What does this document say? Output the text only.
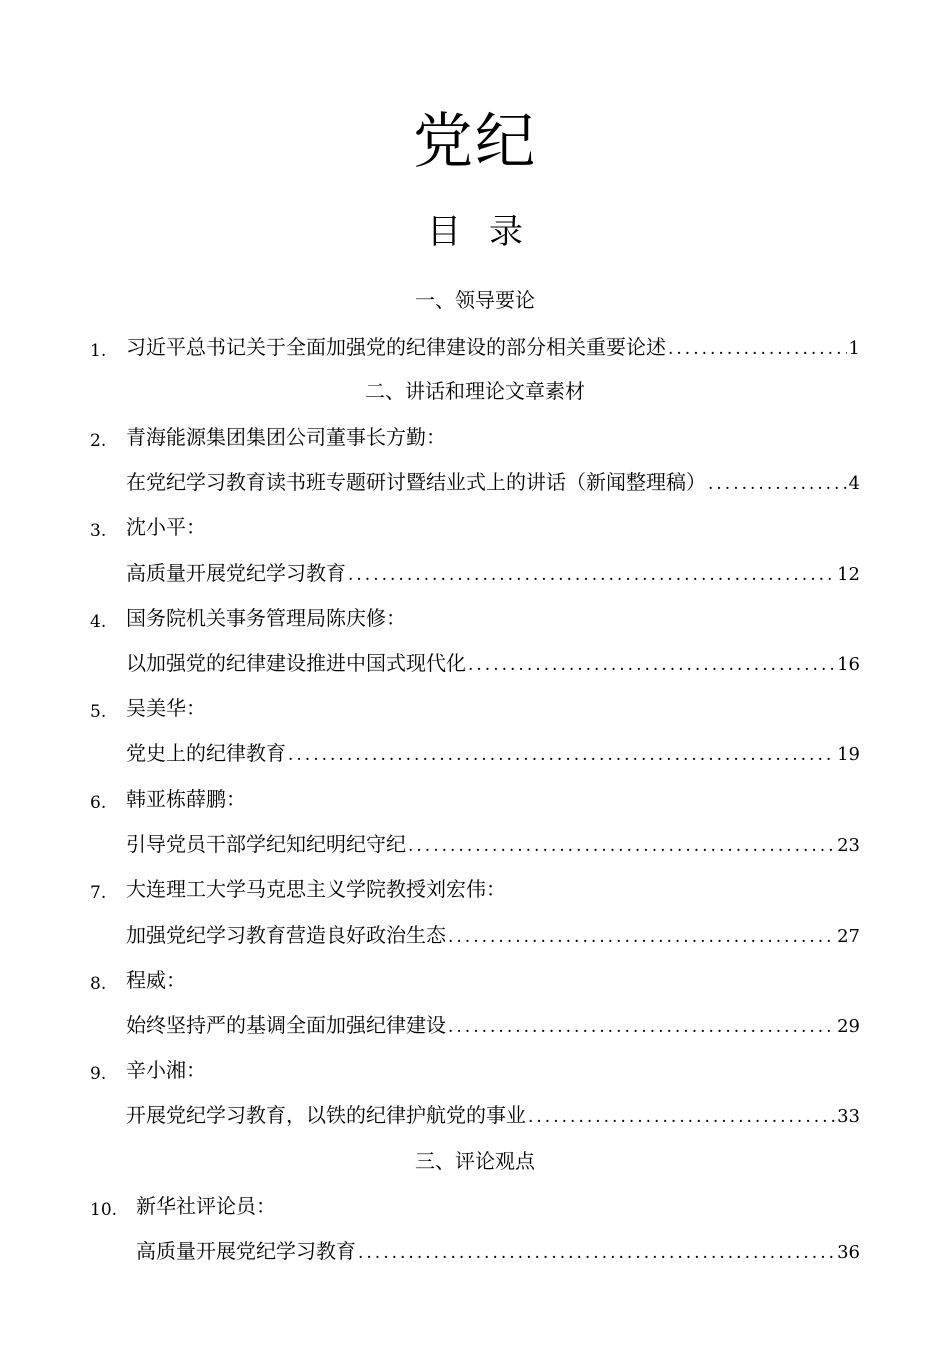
党纪
目 录
一、领导要论
1. 习近平总书记关于全面加强党的纪律建设的部分相关重要论述 .....	1
二、讲话和理论文章素材
2. 青海能源集团集团公司董事长方勤：
在党纪学习教育读书班专题研讨暨结业式上的讲话（新闻整理稿） .....	4
3. 沈小平：
高质量开展党纪学习教育 .....	12
4. 国务院机关事务管理局陈庆修：
以加强党的纪律建设推进中国式现代化 .....	16
5. 吴美华：
党史上的纪律教育 .....	19
6. 韩亚栋薛鹏：
引导党员干部学纪知纪明纪守纪 .....	23
7. 大连理工大学马克思主义学院教授刘宏伟：
加强党纪学习教育营造良好政治生态 .....	27
8. 程威：
始终坚持严的基调全面加强纪律建设 .....	29
9. 辛小湘：
开展党纪学习教育，以铁的纪律护航党的事业 .....	33
三、评论观点
10. 新华社评论员：
高质量开展党纪学习教育 .....	36
